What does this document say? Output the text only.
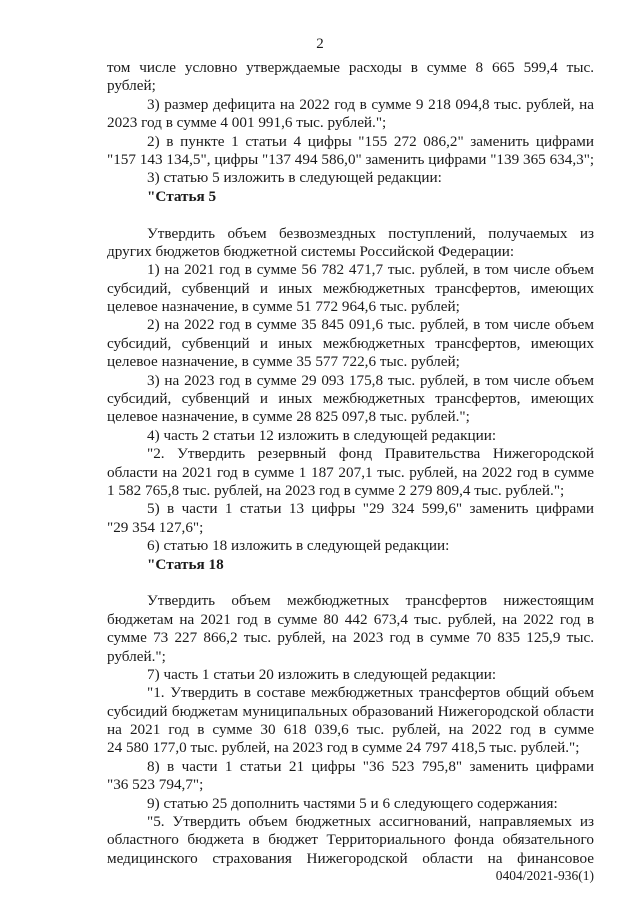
2
том числе условно утверждаемые расходы в сумме 8 665 599,4 тыс.
рублей;
3) размер дефицита на 2022 год в сумме 9 218 094,8 тыс. рублей, на
2023 год в сумме 4 001 991,6 тыс. рублей.";
2) в пункте 1 статьи 4 цифры "155 272 086,2" заменить цифрами
"157 143 134,5", цифры "137 494 586,0" заменить цифрами "139 365 634,3";
3) статью 5 изложить в следующей редакции:
"Статья 5
Утвердить объем безвозмездных поступлений, получаемых из
других бюджетов бюджетной системы Российской Федерации:
1) на 2021 год в сумме 56 782 471,7 тыс. рублей, в том числе объем
субсидий, субвенций и иных межбюджетных трансфертов, имеющих
целевое назначение, в сумме 51 772 964,6 тыс. рублей;
2) на 2022 год в сумме 35 845 091,6 тыс. рублей, в том числе объем
субсидий, субвенций и иных межбюджетных трансфертов, имеющих
целевое назначение, в сумме 35 577 722,6 тыс. рублей;
3) на 2023 год в сумме 29 093 175,8 тыс. рублей, в том числе объем
субсидий, субвенций и иных межбюджетных трансфертов, имеющих
целевое назначение, в сумме 28 825 097,8 тыс. рублей.";
4) часть 2 статьи 12 изложить в следующей редакции:
"2. Утвердить резервный фонд Правительства Нижегородской
области на 2021 год в сумме 1 187 207,1 тыс. рублей, на 2022 год в сумме
1 582 765,8 тыс. рублей, на 2023 год в сумме 2 279 809,4 тыс. рублей.";
5) в части 1 статьи 13 цифры "29 324 599,6" заменить цифрами
"29 354 127,6";
6) статью 18 изложить в следующей редакции:
"Статья 18
Утвердить объем межбюджетных трансфертов нижестоящим
бюджетам на 2021 год в сумме 80 442 673,4 тыс. рублей, на 2022 год в
сумме 73 227 866,2 тыс. рублей, на 2023 год в сумме 70 835 125,9 тыс.
рублей.";
7) часть 1 статьи 20 изложить в следующей редакции:
"1. Утвердить в составе межбюджетных трансфертов общий объем
субсидий бюджетам муниципальных образований Нижегородской области
на 2021 год в сумме 30 618 039,6 тыс. рублей, на 2022 год в сумме
24 580 177,0 тыс. рублей, на 2023 год в сумме 24 797 418,5 тыс. рублей.";
8) в части 1 статьи 21 цифры "36 523 795,8" заменить цифрами
"36 523 794,7";
9) статью 25 дополнить частями 5 и 6 следующего содержания:
"5. Утвердить объем бюджетных ассигнований, направляемых из
областного бюджета в бюджет Территориального фонда обязательного
медицинского страхования Нижегородской области на финансовое
0404/2021-936(1)
